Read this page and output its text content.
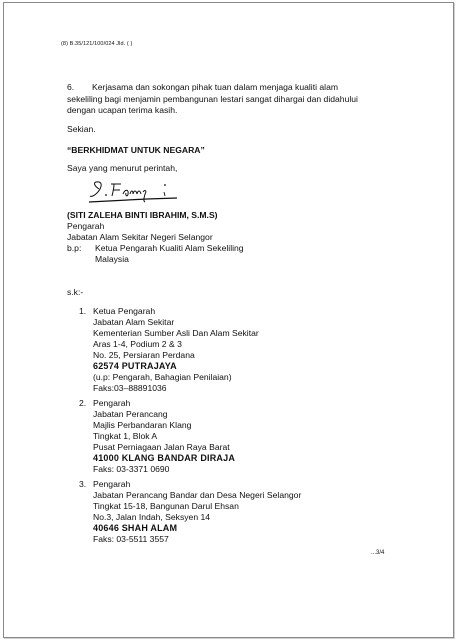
(8) B.35/121/100/024 Jld. ( )
6. Kerjasama dan sokongan pihak tuan dalam menjaga kualiti alam
sekeliling bagi menjamin pembangunan lestari sangat dihargai dan didahului
dengan ucapan terima kasih.
Sekian.
“BERKHIDMAT UNTUK NEGARA”
Saya yang menurut perintah,
(SITI ZALEHA BINTI IBRAHIM, S.M.S)
Pengarah
Jabatan Alam Sekitar Negeri Selangor
b.p: Ketua Pengarah Kualiti Alam Sekeliling
Malaysia
s.k:-
1. Ketua Pengarah
Jabatan Alam Sekitar
Kementerian Sumber Asli Dan Alam Sekitar
Aras 1-4, Podium 2 & 3
No. 25, Persiaran Perdana
62574 PUTRAJAYA
(u.p: Pengarah, Bahagian Penilaian)
Faks:03–88891036
2. Pengarah
Jabatan Perancang
Majlis Perbandaran Klang
Tingkat 1, Blok A
Pusat Perniagaan Jalan Raya Barat
41000 KLANG BANDAR DIRAJA
Faks: 03-3371 0690
3. Pengarah
Jabatan Perancang Bandar dan Desa Negeri Selangor
Tingkat 15-18, Bangunan Darul Ehsan
No.3, Jalan Indah, Seksyen 14
40646 SHAH ALAM
Faks: 03-5511 3557
...3/4
